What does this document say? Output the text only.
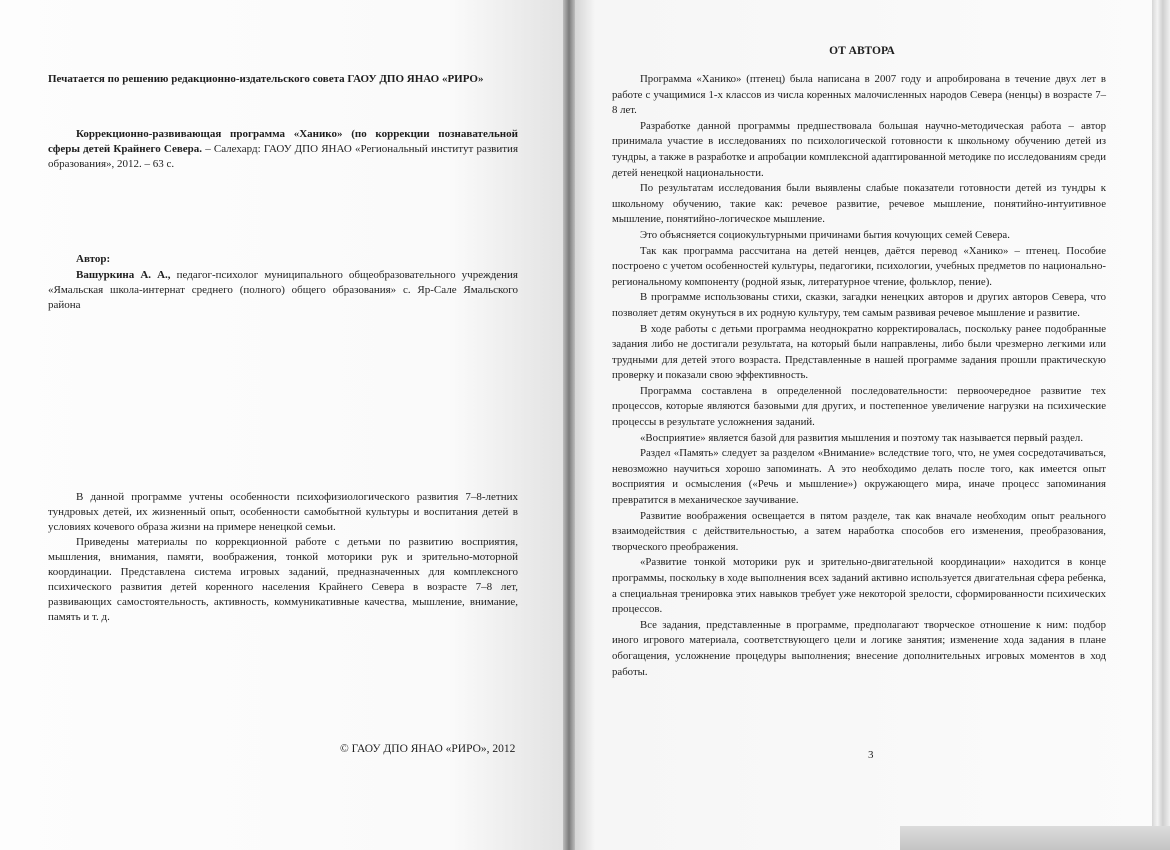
Печатается по решению редакционно-издательского совета ГАОУ ДПО ЯНАО «РИРО»

Коррекционно-развивающая программа «Ханико» (по коррекции познавательной сферы детей Крайнего Севера. – Салехард: ГАОУ ДПО ЯНАО «Региональный институт развития образования», 2012. – 63 с.

Автор:

Вашуркина А. А., педагог-психолог муниципального общеобразовательного учреждения «Ямальская школа-интернат среднего (полного) общего образования» с. Яр-Сале Ямальского района

В данной программе учтены особенности психофизиологического развития 7–8-летних тундровых детей, их жизненный опыт, особенности самобытной культуры и воспитания детей в условиях кочевого образа жизни на примере ненецкой семьи.

Приведены материалы по коррекционной работе с детьми по развитию восприятия, мышления, внимания, памяти, воображения, тонкой моторики рук и зрительно-моторной координации. Представлена система игровых заданий, предназначенных для комплексного психического развития детей коренного населения Крайнего Севера в возрасте 7–8 лет, развивающих самостоятельность, активность, коммуникативные качества, мышление, внимание, память и т. д.

© ГАОУ ДПО ЯНАО «РИРО», 2012
ОТ АВТОРА

Программа «Ханико» (птенец) была написана в 2007 году и апробирована в течение двух лет в работе с учащимися 1-х классов из числа коренных малочисленных народов Севера (ненцы) в возрасте 7–8 лет.

Разработке данной программы предшествовала большая научно-методическая работа – автор принимала участие в исследованиях по психологической готовности к школьному обучению детей из тундры, а также в разработке и апробации комплексной адаптированной методике по исследованиям среди детей ненецкой национальности.

По результатам исследования были выявлены слабые показатели готовности детей из тундры к школьному обучению, такие как: речевое развитие, речевое мышление, понятийно-интуитивное мышление, понятийно-логическое мышление.

Это объясняется социокультурными причинами бытия кочующих семей Севера.

Так как программа рассчитана на детей ненцев, даётся перевод «Ханико» – птенец. Пособие построено с учетом особенностей культуры, педагогики, психологии, учебных предметов по национально-региональному компоненту (родной язык, литературное чтение, фольклор, пение).

В программе использованы стихи, сказки, загадки ненецких авторов и других авторов Севера, что позволяет детям окунуться в их родную культуру, тем самым развивая речевое мышление и развитие.

В ходе работы с детьми программа неоднократно корректировалась, поскольку ранее подобранные задания либо не достигали результата, на который были направлены, либо были чрезмерно легкими или трудными для детей этого возраста. Представленные в нашей программе задания прошли практическую проверку и показали свою эффективность.

Программа составлена в определенной последовательности: первоочередное развитие тех процессов, которые являются базовыми для других, и постепенное увеличение нагрузки на психические процессы в результате усложнения заданий.

«Восприятие» является базой для развития мышления и поэтому так называется первый раздел.

Раздел «Память» следует за разделом «Внимание» вследствие того, что, не умея сосредотачиваться, невозможно научиться хорошо запоминать. А это необходимо делать после того, как имеется опыт восприятия и осмысления («Речь и мышление») окружающего мира, иначе процесс запоминания превратится в механическое заучивание.

Развитие воображения освещается в пятом разделе, так как вначале необходим опыт реального взаимодействия с действительностью, а затем наработка способов его изменения, преобразования, творческого преображения.

«Развитие тонкой моторики рук и зрительно-двигательной координации» находится в конце программы, поскольку в ходе выполнения всех заданий активно используется двигательная сфера ребенка, а специальная тренировка этих навыков требует уже некоторой зрелости, сформированности психических процессов.

Все задания, представленные в программе, предполагают творческое отношение к ним: подбор иного игрового материала, соответствующего цели и логике занятия; изменение хода задания в плане обогащения, усложнение процедуры выполнения; внесение дополнительных игровых моментов в ход работы.

3
